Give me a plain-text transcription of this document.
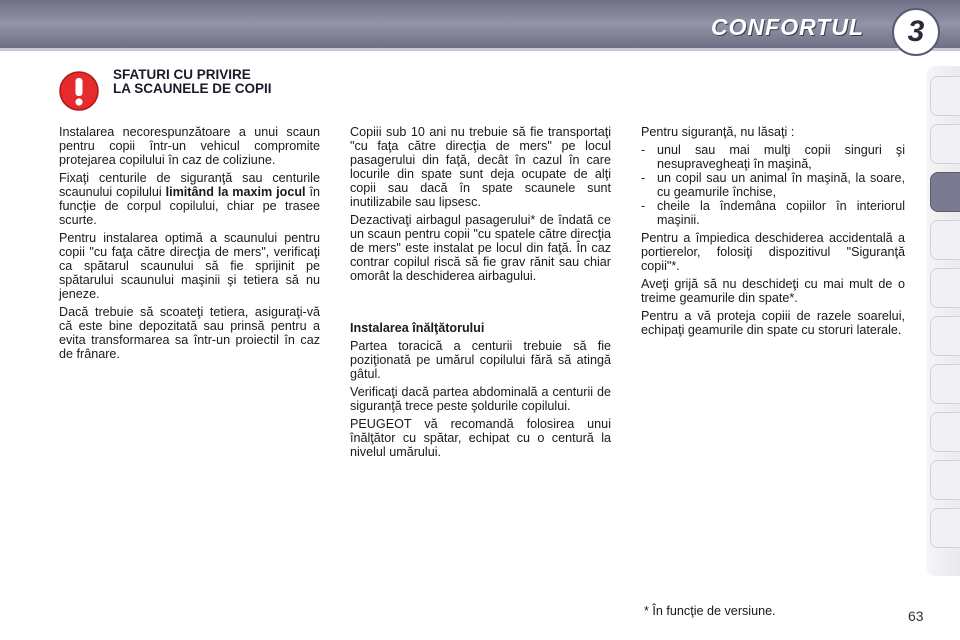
CONFORTUL	3
SFATURI CU PRIVIRE
LA SCAUNELE DE COPII

Instalarea necorespunzătoare a unui scaun pentru copii într-un vehicul compromite protejarea copilului în caz de coliziune.

Fixaţi centurile de siguranţă sau centurile scaunului copilului limitând la maxim jocul în funcţie de corpul copilului, chiar pe trasee scurte.

Pentru instalarea optimă a scaunului pentru copii "cu faţa către direcţia de mers", verificaţi ca spătarul scaunului să fie sprijinit pe spătarului scaunului maşinii şi tetiera să nu jeneze.

Dacă trebuie să scoateţi tetiera, asiguraţi-vă că este bine depozitată sau prinsă pentru a evita transformarea sa într-un proiectil în caz de frânare.

Copiii sub 10 ani nu trebuie să fie transportaţi "cu faţa către direcţia de mers" pe locul pasagerului din faţă, decât în cazul în care locurile din spate sunt deja ocupate de alţi copii sau dacă în spate scaunele sunt inutilizabile sau lipsesc.

Dezactivaţi airbagul pasagerului* de îndată ce un scaun pentru copii "cu spatele către direcţia de mers" este instalat pe locul din faţă. În caz contrar copilul riscă să fie grav rănit sau chiar omorât la deschiderea airbagului.

Instalarea înălţătorului

Partea toracică a centurii trebuie să fie poziţionată pe umărul copilului fără să atingă gâtul.

Verificaţi dacă partea abdominală a centurii de siguranţă trece peste şoldurile copilului.

PEUGEOT vă recomandă folosirea unui înălţător cu spătar, echipat cu o centură la nivelul umărului.

Pentru siguranţă, nu lăsaţi :

- unul sau mai mulţi copii singuri şi nesupravegheaţi în maşină,
- un copil sau un animal în maşină, la soare, cu geamurile închise,
- cheile la îndemâna copiilor în interiorul maşinii.

Pentru a împiedica deschiderea accidentală a portierelor, folosiţi dispozitivul "Siguranţă copii"*.

Aveţi grijă să nu deschideţi cu mai mult de o treime geamurile din spate*.

Pentru a vă proteja copiii de razele soarelui, echipaţi geamurile din spate cu storuri laterale.

* În funcţie de versiune.	63
